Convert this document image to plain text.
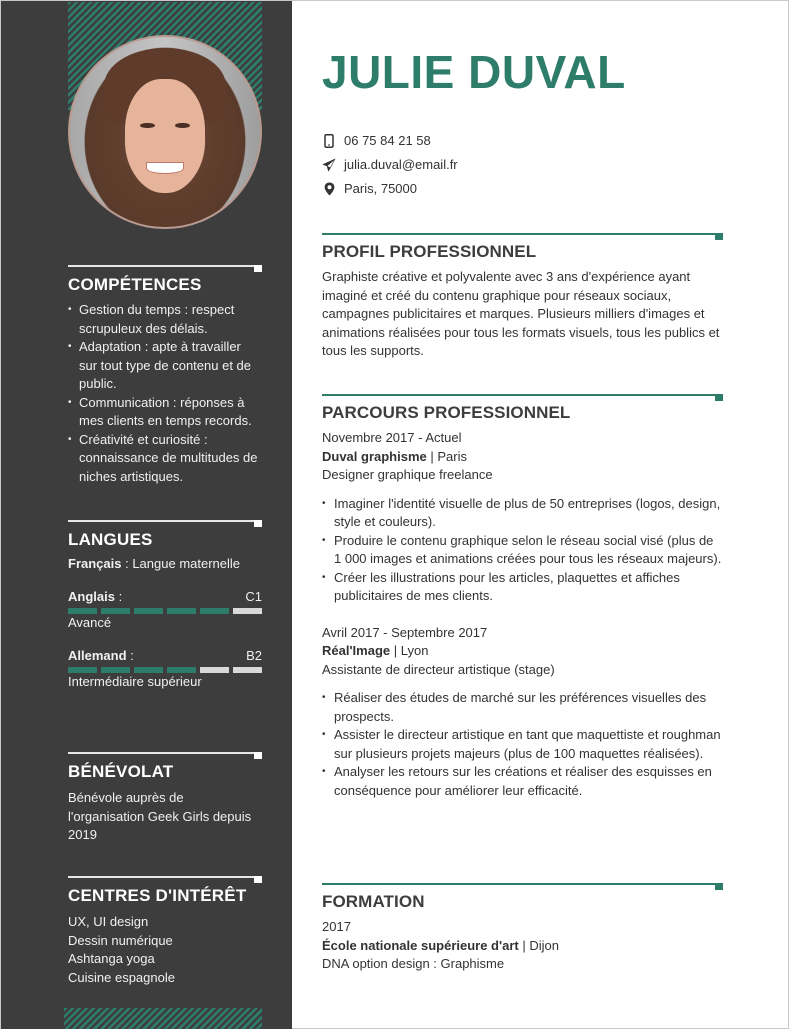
COMPÉTENCES
• Gestion du temps : respect scrupuleux des délais.
• Adaptation : apte à travailler sur tout type de contenu et de public.
• Communication : réponses à mes clients en temps records.
• Créativité et curiosité : connaissance de multitudes de niches artistiques.
LANGUES
Français : Langue maternelle
Anglais :	C1
Avancé
Allemand :	B2
Intermédiaire supérieur
BÉNÉVOLAT

Bénévole auprès de l'organisation Geek Girls depuis 2019

CENTRES D'INTÉRÊT
UX, UI design
Dessin numérique
Ashtanga yoga
Cuisine espagnole
JULIE DUVAL
06 75 84 21 58
julia.duval@email.fr
Paris, 75000
PROFIL PROFESSIONNEL

Graphiste créative et polyvalente avec 3 ans d'expérience ayant imaginé et créé du contenu graphique pour réseaux sociaux, campagnes publicitaires et marques. Plusieurs milliers d'images et animations réalisées pour tous les formats visuels, tous les publics et tous les supports.

PARCOURS PROFESSIONNEL
Novembre 2017 - Actuel
Duval graphisme | Paris
Designer graphique freelance
• Imaginer l'identité visuelle de plus de 50 entreprises (logos, design, style et couleurs).
• Produire le contenu graphique selon le réseau social visé (plus de 1 000 images et animations créées pour tous les réseaux majeurs).
• Créer les illustrations pour les articles, plaquettes et affiches publicitaires de mes clients.
Avril 2017 - Septembre 2017
Réal'Image | Lyon
Assistante de directeur artistique (stage)
• Réaliser des études de marché sur les préférences visuelles des prospects.
• Assister le directeur artistique en tant que maquettiste et roughman sur plusieurs projets majeurs (plus de 100 maquettes réalisées).
• Analyser les retours sur les créations et réaliser des esquisses en conséquence pour améliorer leur efficacité.
FORMATION
2017
École nationale supérieure d'art | Dijon
DNA option design : Graphisme
